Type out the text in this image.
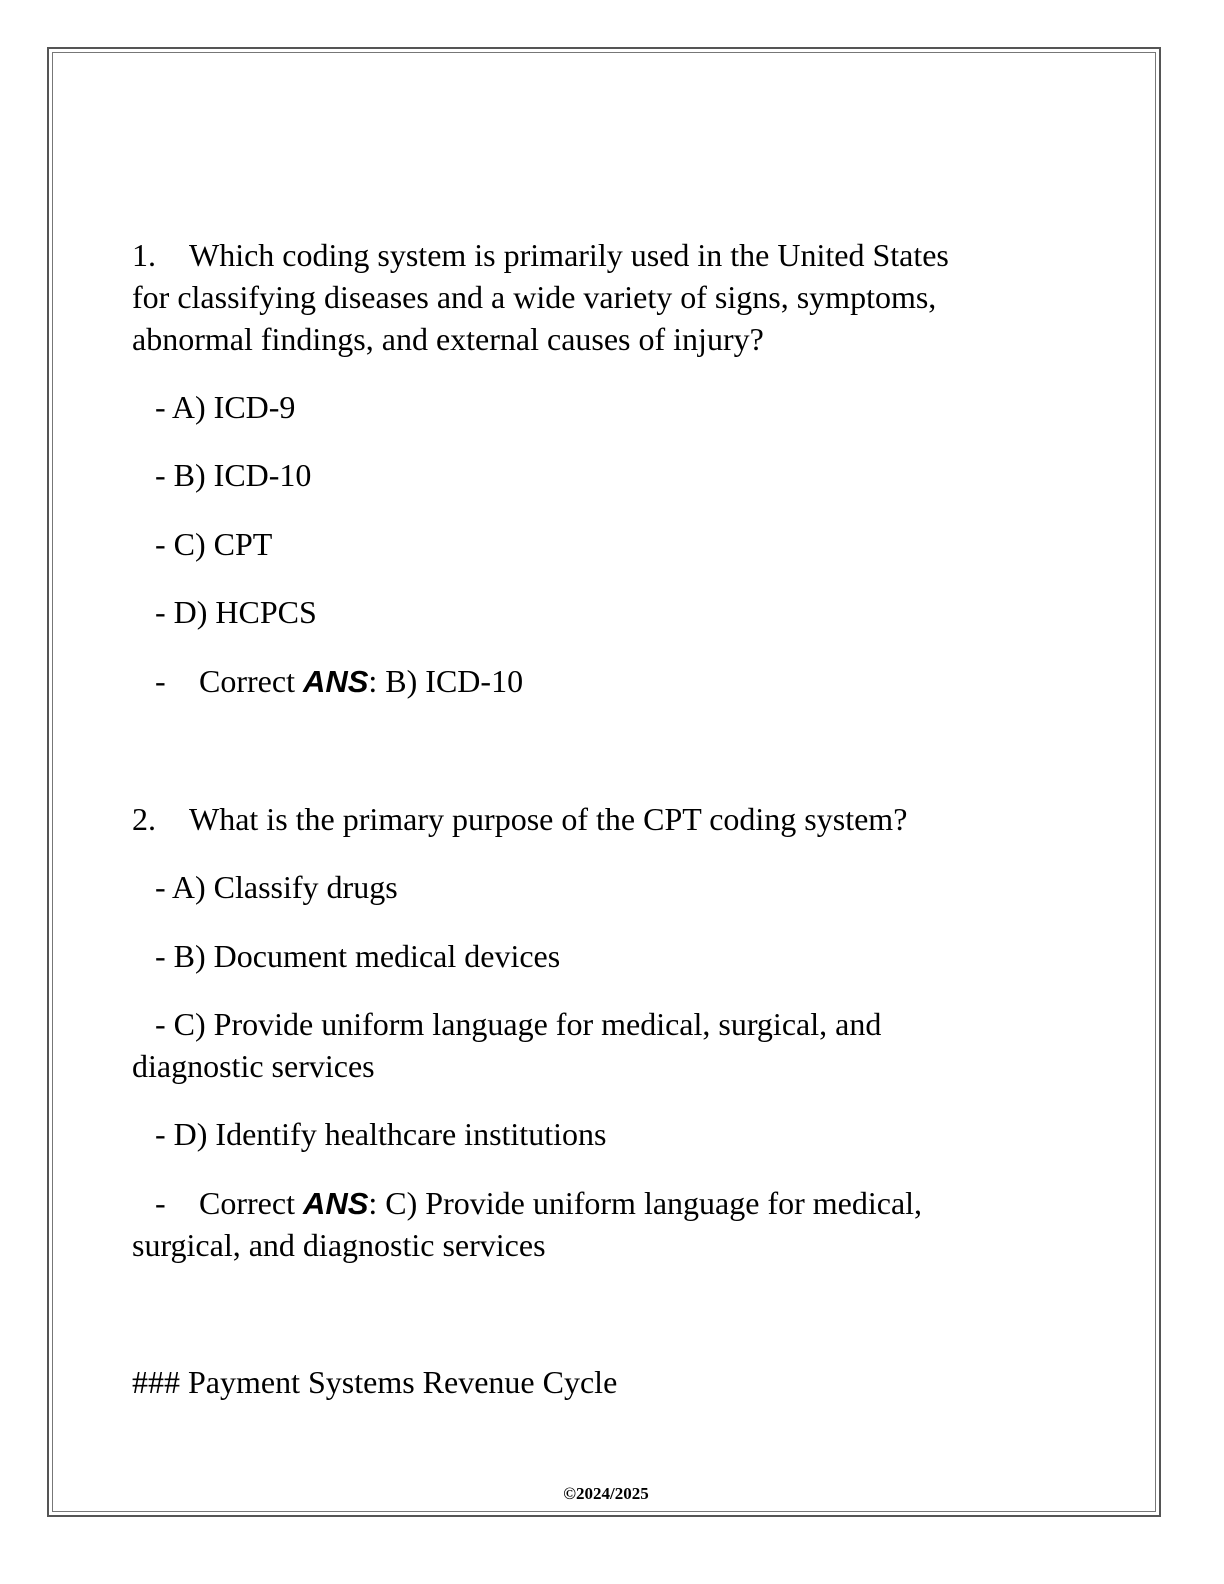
1. Which coding system is primarily used in the United States
for classifying diseases and a wide variety of signs, symptoms,
abnormal findings, and external causes of injury?
- A) ICD-9
- B) ICD-10
- C) CPT
- D) HCPCS
- Correct ANS: B) ICD-10
2. What is the primary purpose of the CPT coding system?
- A) Classify drugs
- B) Document medical devices
- C) Provide uniform language for medical, surgical, and
diagnostic services
- D) Identify healthcare institutions
- Correct ANS: C) Provide uniform language for medical,
surgical, and diagnostic services
### Payment Systems Revenue Cycle
©2024/2025
